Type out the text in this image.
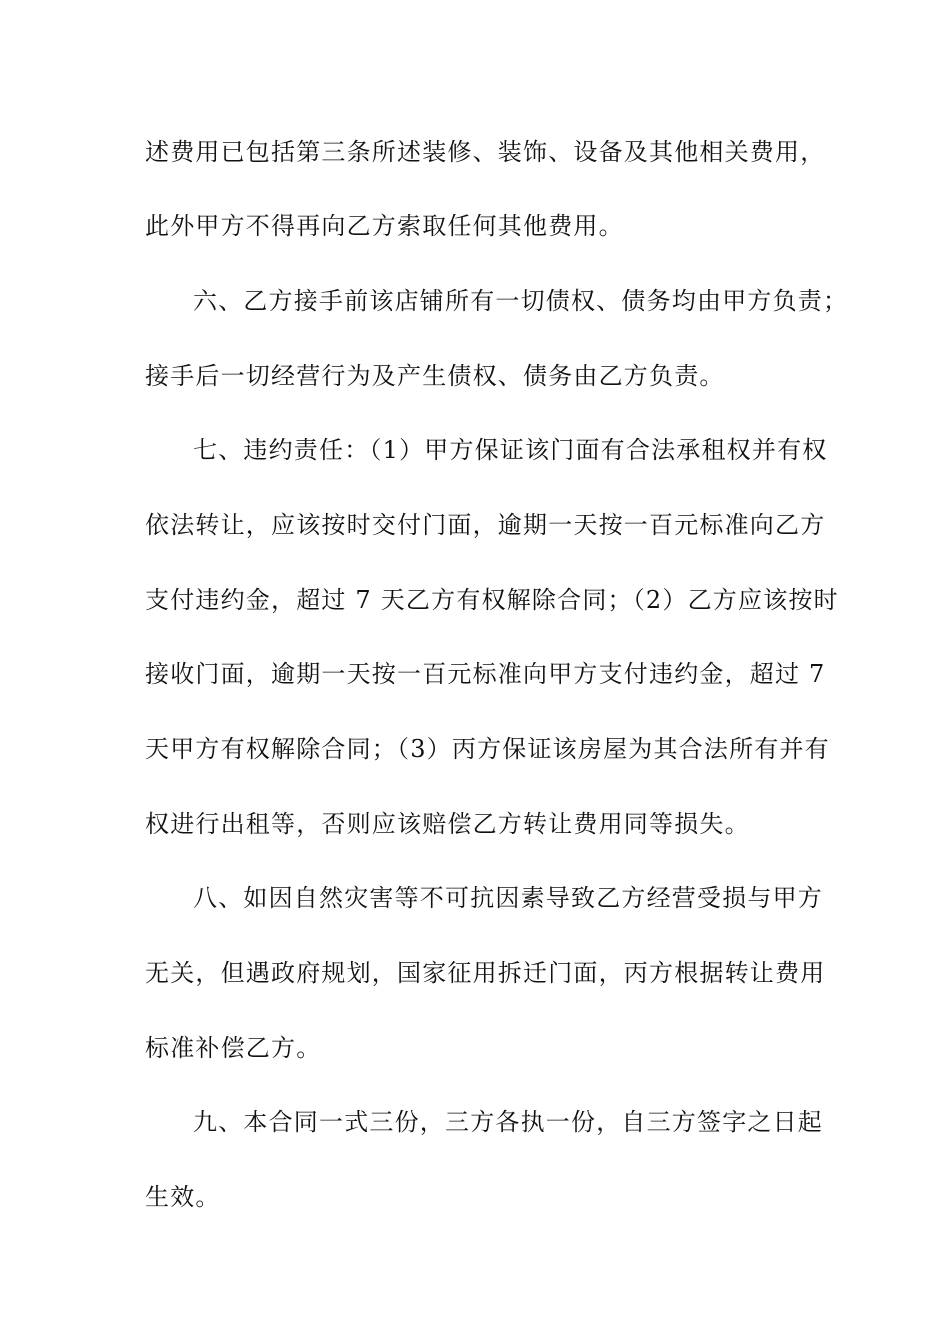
述费用已包括第三条所述装修、装饰、设备及其他相关费用，
此外甲方不得再向乙方索取任何其他费用。
六、乙方接手前该店铺所有一切债权、债务均由甲方负责；
接手后一切经营行为及产生债权、债务由乙方负责。
七、违约责任：（1）甲方保证该门面有合法承租权并有权
依法转让，应该按时交付门面，逾期一天按一百元标准向乙方
支付违约金，超过 7 天乙方有权解除合同；（2）乙方应该按时
接收门面，逾期一天按一百元标准向甲方支付违约金，超过 7
天甲方有权解除合同；（3）丙方保证该房屋为其合法所有并有
权进行出租等，否则应该赔偿乙方转让费用同等损失。
八、如因自然灾害等不可抗因素导致乙方经营受损与甲方
无关，但遇政府规划，国家征用拆迁门面，丙方根据转让费用
标准补偿乙方。
九、本合同一式三份，三方各执一份，自三方签字之日起
生效。
